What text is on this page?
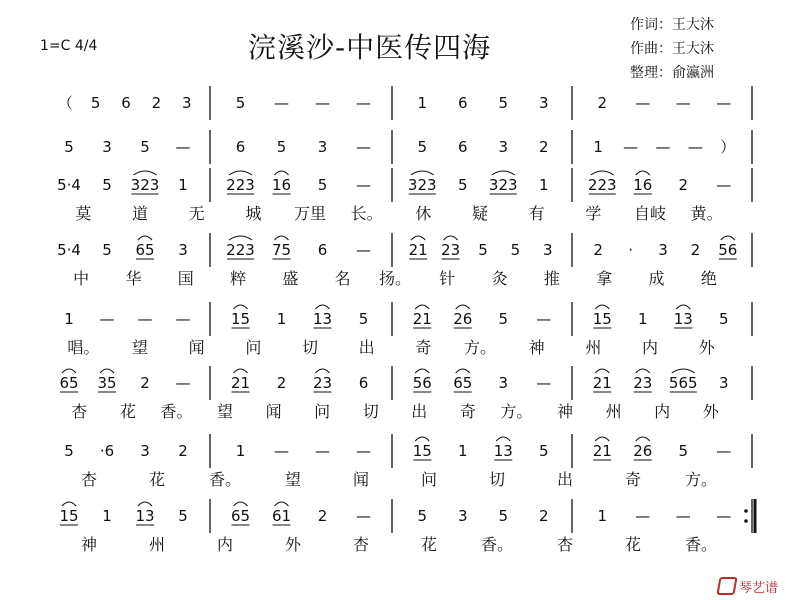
浣溪沙-中医传四海
1=C 4/4
作词：王大沐
作曲：王大沐
整理：俞瀛洲
（ 5 6 2 3	5 — — —	1 6 5 3	2 — — —
5 3 5 —	6 5 3 —	5 6 3 2	1 — — — ）
5·4 5 323 1	223 16 5 — 323 5 323 1	223 16 2 —
莫	道	无	城 万里 长。 休	疑	有	学 自岐 黄。
5·4 5 65 3	223 75 6 —	21 23 5 5 3	2 · 3 2 56
中 华 国 粹 盛 名 扬。 针 灸 推 拿 成 绝
1 — — —	15 1 13 5	21 26 5 —	15 1 13 5
唱。 望	闻	问	切	出	奇 方。 神	州	内	外
65 35 2 —	21 2 23 6	56 65 3 —	21 23 565 3
杏 花 香。 望 闻 问 切 出 奇 方。 神 州 内 外
5 ·6 3 2	1 — — —	15 1 13 5	21 26 5 —
杏	花	香。	望	闻	问	切	出	奇	方。
15 1 13 5	65 61 2 —	5 3 5 2	1 — — —
神	州	内	外	杏	花	香。	杏	花	香。
琴艺谱
